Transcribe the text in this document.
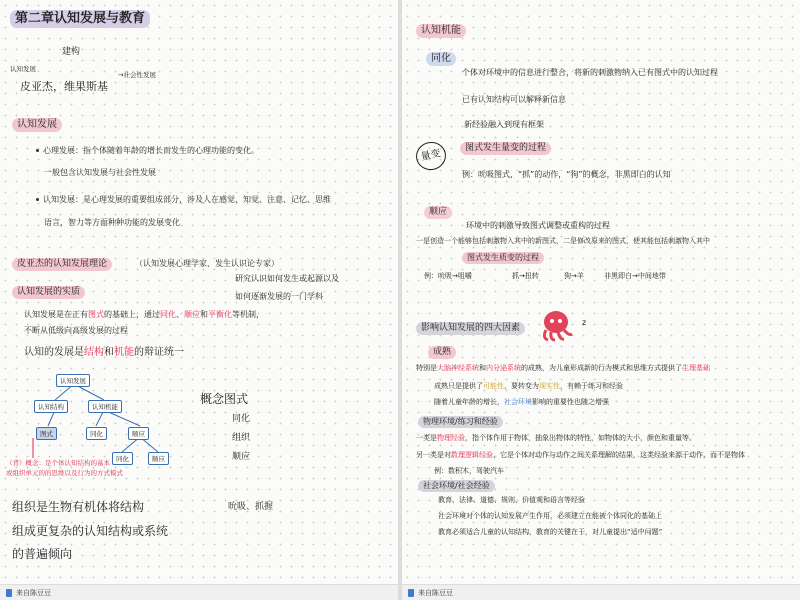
第二章认知发展与教育
建构
认知发展
→社会性发展
皮亚杰，维果斯基
认知发展
心理发展：指个体随着年龄的增长而发生的心理功能的变化。
一般包含认知发展与社会性发展
认知发展：是心理发展的重要组成部分，涉及人在感觉、知觉、注意、记忆、思维
语言，智力等方面种种功能的发展变化
皮亚杰的认知发展理论	（认知发展心理学家、发生认识论专家）
研究认识如何发生或起源以及
如何逐渐发展的一门学科
认知发展的实质
认知发展是在正有图式的基础上，通过同化、顺应和平衡化等机制，
不断从低级向高级发展的过程
认知的发展是结构和机能的辩证统一
认知发展
认知结构	认知机能
图式	同化	顺应
同化	顺应
（背）概念：是个体认知结构的基本
或组织单元的的思维以及行为的方式模式
概念图式
同化
组织
顺应
组织是生物有机体将结构
组成更复杂的认知结构或系统
的普遍倾向
吮吸、抓握
来自陈豆豆
认知机能
同化
个体对环境中的信息进行整合，将新的刺激物纳入已有图式中的认知过程
已有认知结构可以解释新信息
新经验融入到现有框架
量变
图式发生量变的过程
例：吮吸图式，“抓”的动作，“狗”的概念，非黑即白的认知
顺应
环境中的刺激导致图式调整或重构的过程
一是创造一个能够包括刺激物入其中的新图式，二是修改原来的图式，使其能包括刺激物入其中
图式发生质变的过程
例：吮吸→咀嚼	抓→扭转	狗→羊	非黑即白→中间地带
影响认知发展的四大因素
z
成熟
特别是大脑神经系统和内分泌系统的成熟，为儿童形成新的行为模式和思维方式提供了生理基础
成熟只是提供了可能性，要转变为现实性，有赖于练习和经验
随着儿童年龄的增长，社会环境影响的重要性也随之增强
物理环境/练习和经验
一类是物理经验，指个体作用于物体，抽象出物体的特性，如物体的大小，颜色和重量等。
另一类是对数理逻辑经验，它是个体对动作与动作之间关系理解的结果，这类经验来源于动作，而不是物体
例：数积木，驾驶汽车
社会环境/社会经验
教育、法律、道德、规则、价值观和语言等经验
社会环境对个体的认知发展产生作用，必须建立在能被个体同化的基础上
教育必须适合儿童的认知结构，教育的关键在于，对儿童提出“适中问题”
来自陈豆豆
